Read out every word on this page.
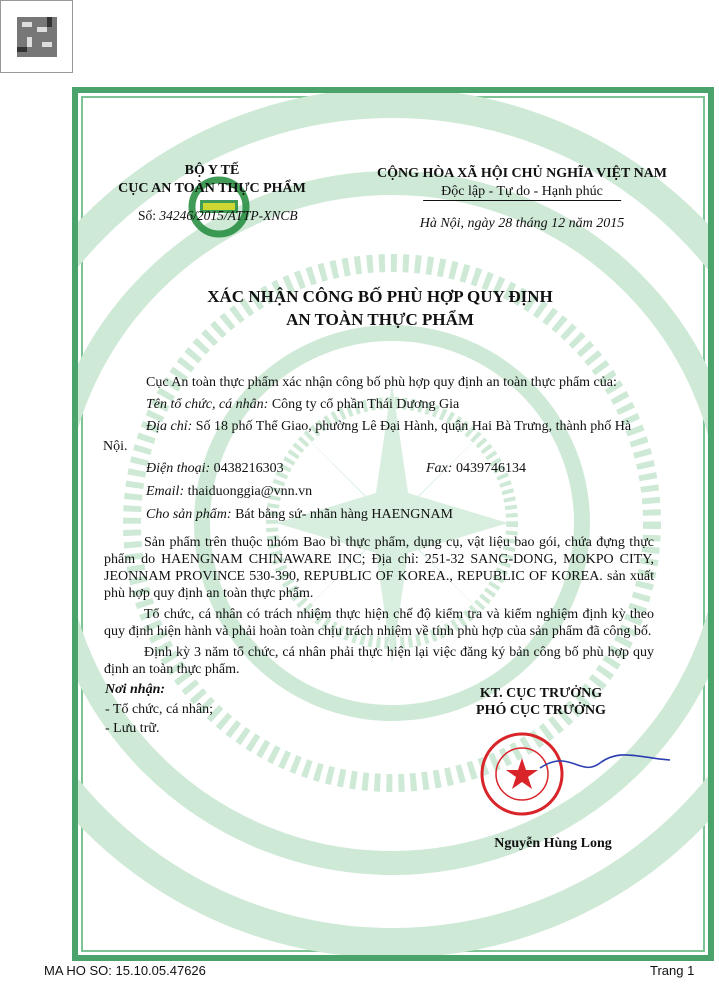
BỘ Y TẾ
CỤC AN TOÀN THỰC PHẨM
Số: 34246/2015/ATTP-XNCB
CỘNG HÒA XÃ HỘI CHỦ NGHĨA VIỆT NAM
Độc lập - Tự do - Hạnh phúc
Hà Nội, ngày 28 tháng 12 năm 2015
XÁC NHẬN CÔNG BỐ PHÙ HỢP QUY ĐỊNH
AN TOÀN THỰC PHẨM
Cục An toàn thực phẩm xác nhận công bố phù hợp quy định an toàn thực phẩm của:
Tên tổ chức, cá nhân: Công ty cổ phần Thái Dương Gia
Địa chỉ: Số 18 phố Thể Giao, phường Lê Đại Hành, quận Hai Bà Trưng, thành phố Hà
Nội.
Điện thoại: 0438216303	Fax: 0439746134
Email: thaiduonggia@vnn.vn
Cho sản phẩm: Bát bằng sứ- nhãn hàng HAENGNAM
Sản phẩm trên thuộc nhóm Bao bì thực phẩm, dụng cụ, vật liệu bao gói, chứa đựng thực phẩm do HAENGNAM CHINAWARE INC; Địa chỉ: 251-32 SANG-DONG, MOKPO CITY, JEONNAM PROVINCE 530-390, REPUBLIC OF KOREA., REPUBLIC OF KOREA. sản xuất phù hợp quy định an toàn thực phẩm.
Tổ chức, cá nhân có trách nhiệm thực hiện chế độ kiểm tra và kiểm nghiệm định kỳ theo quy định hiện hành và phải hoàn toàn chịu trách nhiệm về tính phù hợp của sản phẩm đã công bố.
Định kỳ 3 năm tổ chức, cá nhân phải thực hiện lại việc đăng ký bản công bố phù hợp quy định an toàn thực phẩm.
Nơi nhận:
- Tổ chức, cá nhân;
- Lưu trữ.
KT. CỤC TRƯỞNG
PHÓ CỤC TRƯỞNG
Nguyễn Hùng Long
MA HO SO: 15.10.05.47626	Trang 1
